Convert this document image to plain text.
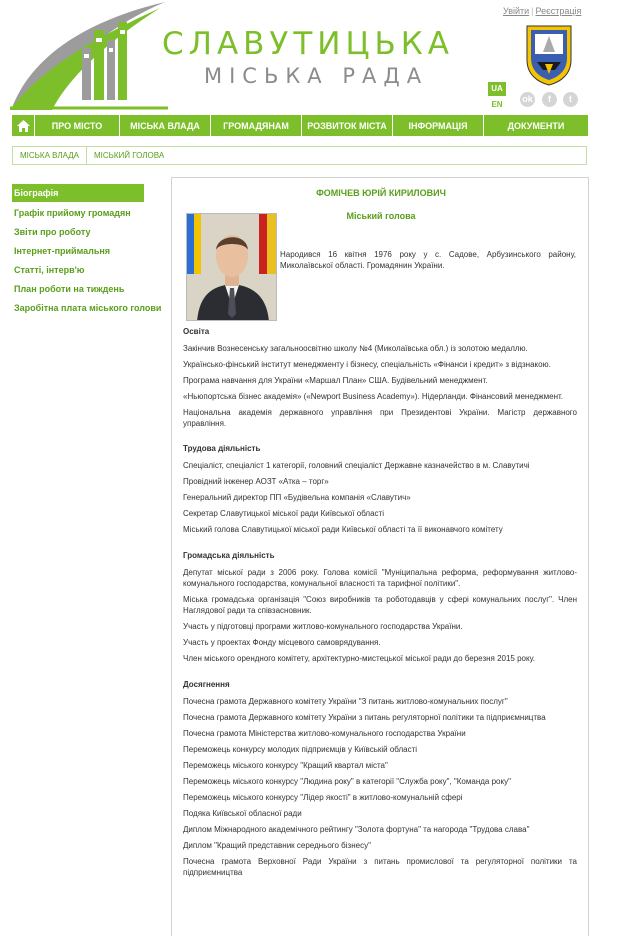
СЛАВУТИЦЬКА
МІСЬКА РАДА
Увійти | Реєстрація
UA
EN
ok	f	t
ПРО МІСТО	МІСЬКА ВЛАДА	ГРОМАДЯНАМ	РОЗВИТОК МІСТА	ІНФОРМАЦІЯ	ДОКУМЕНТИ
МІСЬКА ВЛАДА	МІСЬКИЙ ГОЛОВА
Біографія
Графік прийому громадян
Звіти про роботу
Інтернет-приймальня
Статті, інтерв'ю
План роботи на тиждень
Заробітна плата міського голови
ФОМІЧЕВ ЮРІЙ КИРИЛОВИЧ
Міський голова
Народився 16 квітня 1976 року у с. Садове, Арбузинського району, Миколаївської області. Громадянин України.
Освіта
Закінчив Вознесенську загальноосвітню школу №4 (Миколаївська обл.) із золотою медаллю.
Українсько-фінський інститут менеджменту і бізнесу, спеціальність «Фінанси і кредит» з відзнакою.
Програма навчання для України «Маршал План» США. Будівельний менеджмент.
«Ньюпортська бізнес академія» («Newport Business Academy»). Нідерланди. Фінансовий менеджмент.
Національна академія державного управління при Президентові України. Магістр державного управління.
Трудова діяльність
Спеціаліст, спеціаліст 1 категорії, головний спеціаліст Державне казначейство в м. Славутичі
Провідний інженер АОЗТ «Атка – торг»
Генеральний директор ПП «Будівельна компанія «Славутич»
Секретар Славутицької міської ради Київської області
Міський голова Славутицької міської ради Київської області та її виконавчого комітету
Громадська діяльність
Депутат міської ради з 2006 року. Голова комісії "Муніципальна реформа, реформування житлово-комунального господарства, комунальної власності та тарифної політики".
Міська громадська організація "Союз виробників та роботодавців у сфері комунальних послуг". Член Наглядової ради та співзасновник.
Участь у підготовці програми житлово-комунального господарства України.
Участь у проектах Фонду місцевого самоврядування.
Член міського орендного комітету, архітектурно-мистецької міської ради до березня 2015 року.
Досягнення
Почесна грамота Державного комітету України "З питань житлово-комунальних послуг"
Почесна грамота Державного комітету України з питань регуляторної політики та підприємництва
Почесна грамота Міністерства житлово-комунального господарства України
Переможець конкурсу молодих підприємців у Київській області
Переможець міського конкурсу "Кращий квартал міста"
Переможець міського конкурсу "Людина року" в категорії "Служба року", "Команда року"
Переможець міського конкурсу "Лідер якості" в житлово-комунальній сфері
Подяка Київської обласної ради
Диплом Міжнародного академічного рейтингу "Золота фортуна" та нагорода "Трудова слава"
Диплом "Кращий представник середнього бізнесу"
Почесна грамота Верховної Ради України з питань промислової та регуляторної політики та підприємництва
